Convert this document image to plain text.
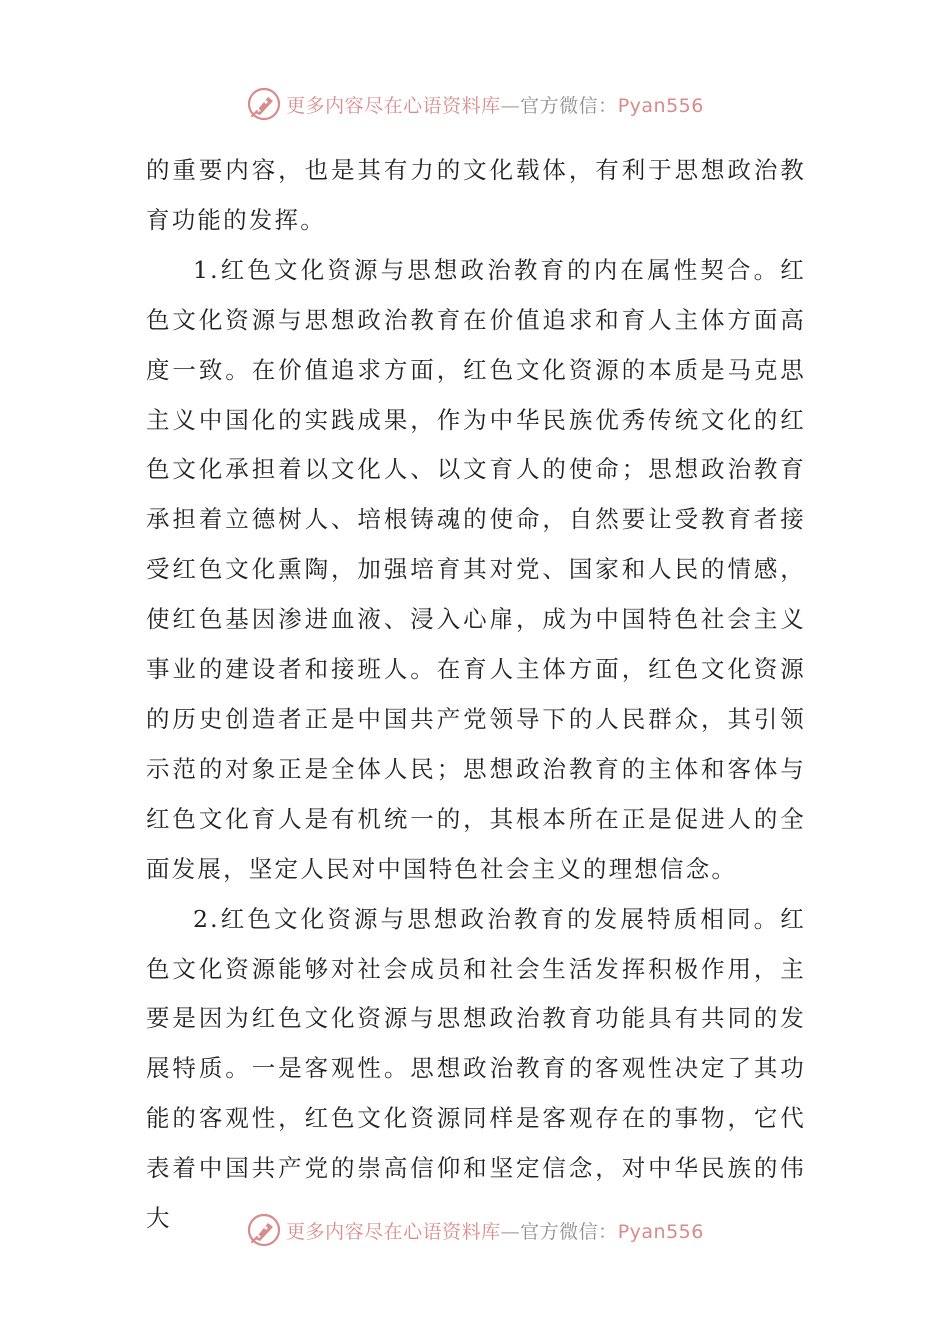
更多内容尽在心语资料库—官方微信：Pyan556

的重要内容，也是其有力的文化载体，有利于思想政治教育功能的发挥。

1.红色文化资源与思想政治教育的内在属性契合。红色文化资源与思想政治教育在价值追求和育人主体方面高度一致。在价值追求方面，红色文化资源的本质是马克思主义中国化的实践成果，作为中华民族优秀传统文化的红色文化承担着以文化人、以文育人的使命；思想政治教育承担着立德树人、培根铸魂的使命，自然要让受教育者接受红色文化熏陶，加强培育其对党、国家和人民的情感，使红色基因渗进血液、浸入心扉，成为中国特色社会主义事业的建设者和接班人。在育人主体方面，红色文化资源的历史创造者正是中国共产党领导下的人民群众，其引领示范的对象正是全体人民；思想政治教育的主体和客体与红色文化育人是有机统一的，其根本所在正是促进人的全面发展，坚定人民对中国特色社会主义的理想信念。

2.红色文化资源与思想政治教育的发展特质相同。红色文化资源能够对社会成员和社会生活发挥积极作用，主要是因为红色文化资源与思想政治教育功能具有共同的发展特质。一是客观性。思想政治教育的客观性决定了其功能的客观性，红色文化资源同样是客观存在的事物，它代表着中国共产党的崇高信仰和坚定信念，对中华民族的伟大	更多内容尽在心语资料库—官方微信：Pyan556
